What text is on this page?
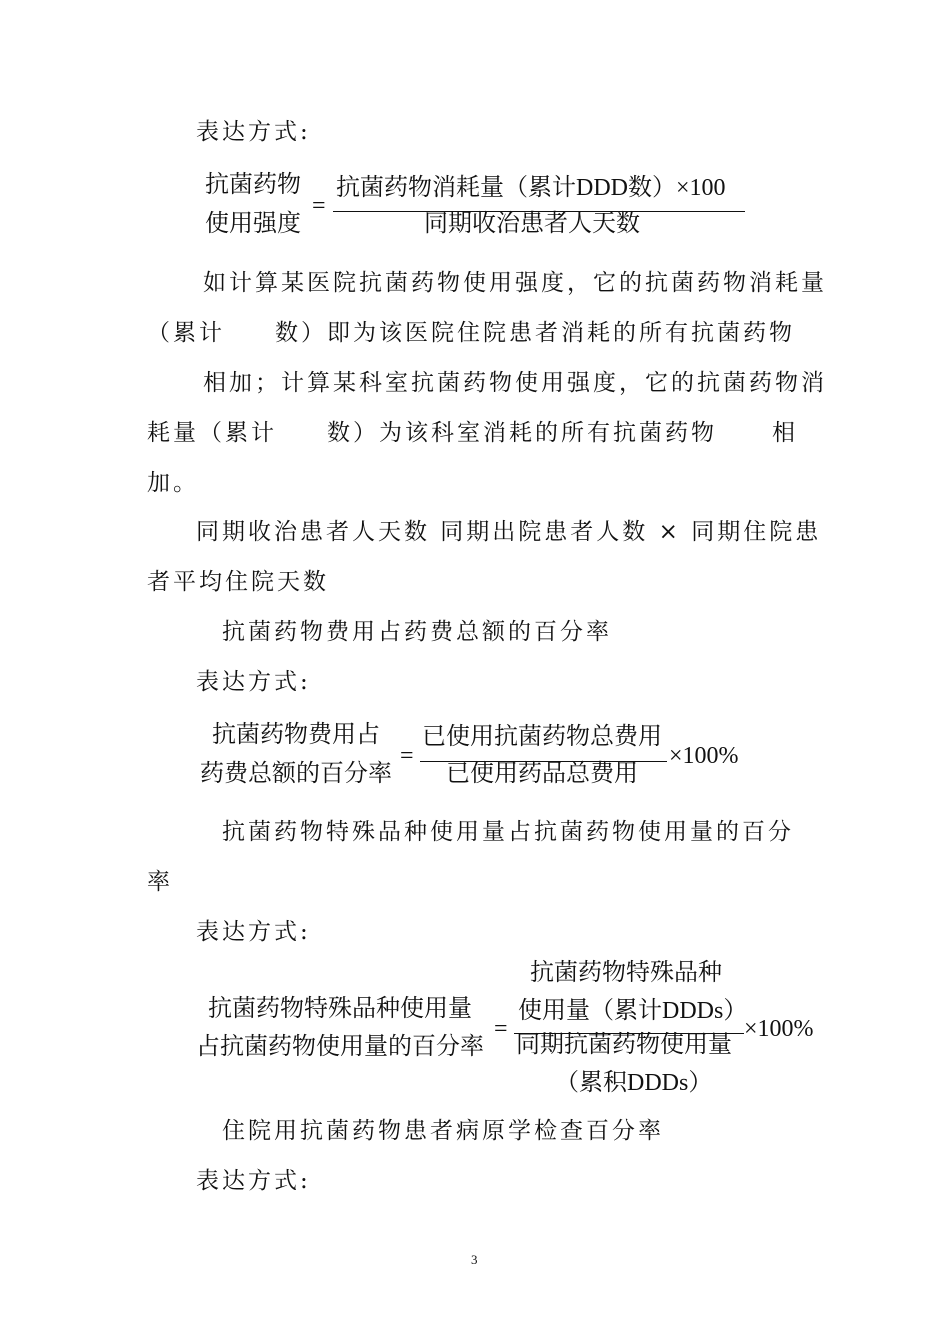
表达方式:
抗菌药物
使用强度
=
抗菌药物消耗量（累计DDD数）×100
同期收治患者人天数
如计算某医院抗菌药物使用强度，它的抗菌药物消耗量
（累计 数）即为该医院住院患者消耗的所有抗菌药物
相加；计算某科室抗菌药物使用强度，它的抗菌药物消
耗量（累计 数）为该科室消耗的所有抗菌药物 相
加。
同期收治患者人天数 同期出院患者人数 × 同期住院患
者平均住院天数
抗菌药物费用占药费总额的百分率
表达方式:
抗菌药物费用占
药费总额的百分率
=
已使用抗菌药物总费用
已使用药品总费用
×100%
抗菌药物特殊品种使用量占抗菌药物使用量的百分
率
表达方式:
抗菌药物特殊品种使用量
占抗菌药物使用量的百分率
=
抗菌药物特殊品种
使用量（累计DDDs）
同期抗菌药物使用量
（累积DDDs）
×100%
住院用抗菌药物患者病原学检查百分率
表达方式:
3
